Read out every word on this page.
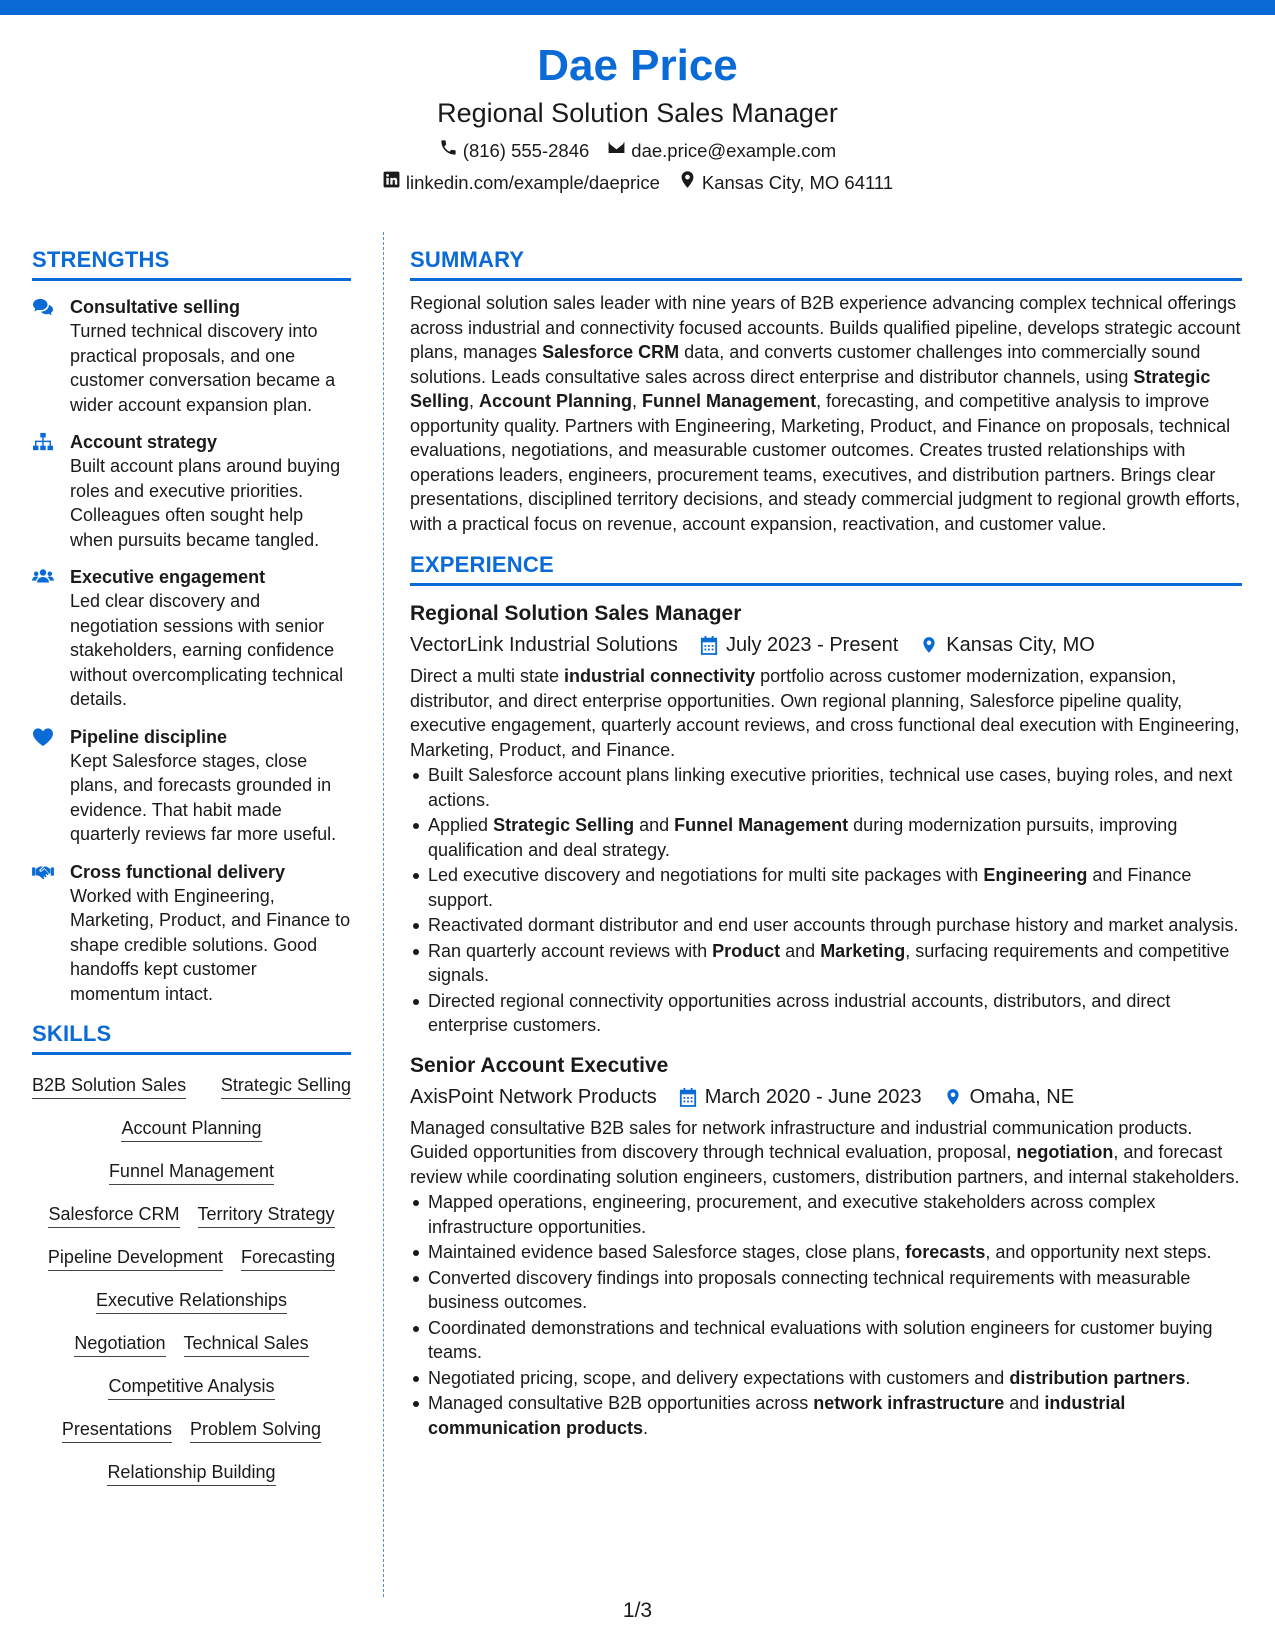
Dae Price
Regional Solution Sales Manager
(816) 555-2846 dae.price@example.com
linkedin.com/example/daeprice Kansas City, MO 64111
STRENGTHS
Consultative selling
Turned technical discovery into practical proposals, and one customer conversation became a wider account expansion plan.
Account strategy
Built account plans around buying roles and executive priorities. Colleagues often sought help when pursuits became tangled.
Executive engagement
Led clear discovery and negotiation sessions with senior stakeholders, earning confidence without overcomplicating technical details.
Pipeline discipline
Kept Salesforce stages, close plans, and forecasts grounded in evidence. That habit made quarterly reviews far more useful.
Cross functional delivery
Worked with Engineering, Marketing, Product, and Finance to shape credible solutions. Good handoffs kept customer momentum intact.
SKILLS
B2B Solution Sales Strategic Selling
Account Planning
Funnel Management
Salesforce CRM Territory Strategy
Pipeline Development Forecasting
Executive Relationships
Negotiation Technical Sales
Competitive Analysis
Presentations Problem Solving
Relationship Building
SUMMARY
Regional solution sales leader with nine years of B2B experience advancing complex technical offerings across industrial and connectivity focused accounts. Builds qualified pipeline, develops strategic account plans, manages Salesforce CRM data, and converts customer challenges into commercially sound solutions. Leads consultative sales across direct enterprise and distributor channels, using Strategic Selling, Account Planning, Funnel Management, forecasting, and competitive analysis to improve opportunity quality. Partners with Engineering, Marketing, Product, and Finance on proposals, technical evaluations, negotiations, and measurable customer outcomes. Creates trusted relationships with operations leaders, engineers, procurement teams, executives, and distribution partners. Brings clear presentations, disciplined territory decisions, and steady commercial judgment to regional growth efforts, with a practical focus on revenue, account expansion, reactivation, and customer value.
EXPERIENCE
Regional Solution Sales Manager
VectorLink Industrial Solutions July 2023 - Present Kansas City, MO
Direct a multi state industrial connectivity portfolio across customer modernization, expansion, distributor, and direct enterprise opportunities. Own regional planning, Salesforce pipeline quality, executive engagement, quarterly account reviews, and cross functional deal execution with Engineering, Marketing, Product, and Finance.
Built Salesforce account plans linking executive priorities, technical use cases, buying roles, and next actions.
Applied Strategic Selling and Funnel Management during modernization pursuits, improving qualification and deal strategy.
Led executive discovery and negotiations for multi site packages with Engineering and Finance support.
Reactivated dormant distributor and end user accounts through purchase history and market analysis.
Ran quarterly account reviews with Product and Marketing, surfacing requirements and competitive signals.
Directed regional connectivity opportunities across industrial accounts, distributors, and direct enterprise customers.
Senior Account Executive
AxisPoint Network Products March 2020 - June 2023 Omaha, NE
Managed consultative B2B sales for network infrastructure and industrial communication products. Guided opportunities from discovery through technical evaluation, proposal, negotiation, and forecast review while coordinating solution engineers, customers, distribution partners, and internal stakeholders.
Mapped operations, engineering, procurement, and executive stakeholders across complex infrastructure opportunities.
Maintained evidence based Salesforce stages, close plans, forecasts, and opportunity next steps.
Converted discovery findings into proposals connecting technical requirements with measurable business outcomes.
Coordinated demonstrations and technical evaluations with solution engineers for customer buying teams.
Negotiated pricing, scope, and delivery expectations with customers and distribution partners.
Managed consultative B2B opportunities across network infrastructure and industrial communication products.
1/3
